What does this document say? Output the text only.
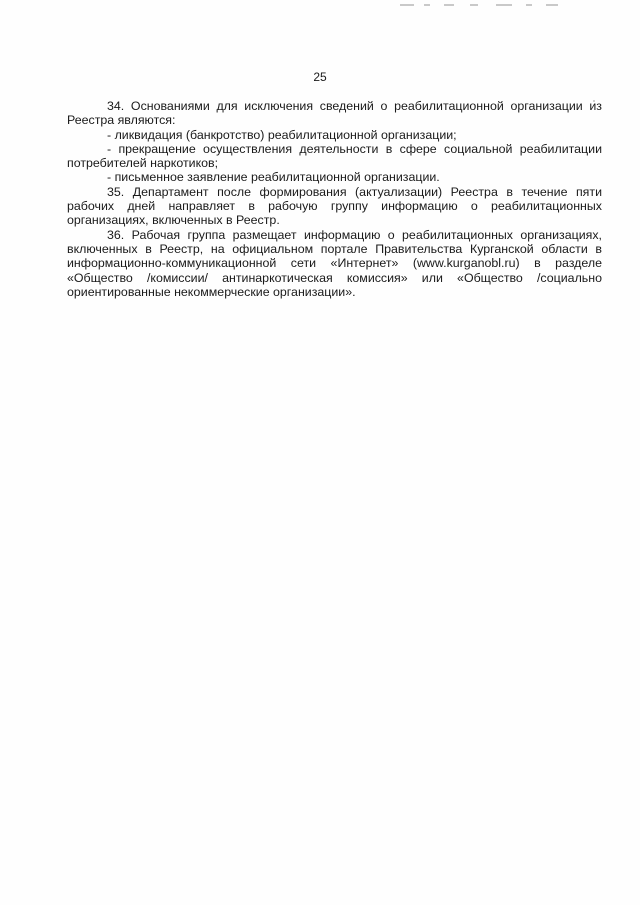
25

34. Основаниями для исключения сведений о реабилитационной организации из Реестра являются:

- ликвидация (банкротство) реабилитационной организации;

- прекращение осуществления деятельности в сфере социальной реабилитации потребителей наркотиков;

- письменное заявление реабилитационной организации.

35. Департамент после формирования (актуализации) Реестра в течение пяти рабочих дней направляет в рабочую группу информацию о реабилитационных организациях, включенных в Реестр.

36. Рабочая группа размещает информацию о реабилитационных организациях, включенных в Реестр, на официальном портале Правительства Курганской области в информационно-коммуникационной сети «Интернет» (www.kurganobl.ru) в разделе «Общество /комиссии/ антинаркотическая комиссия» или «Общество /социально ориентированные некоммерческие организации».
